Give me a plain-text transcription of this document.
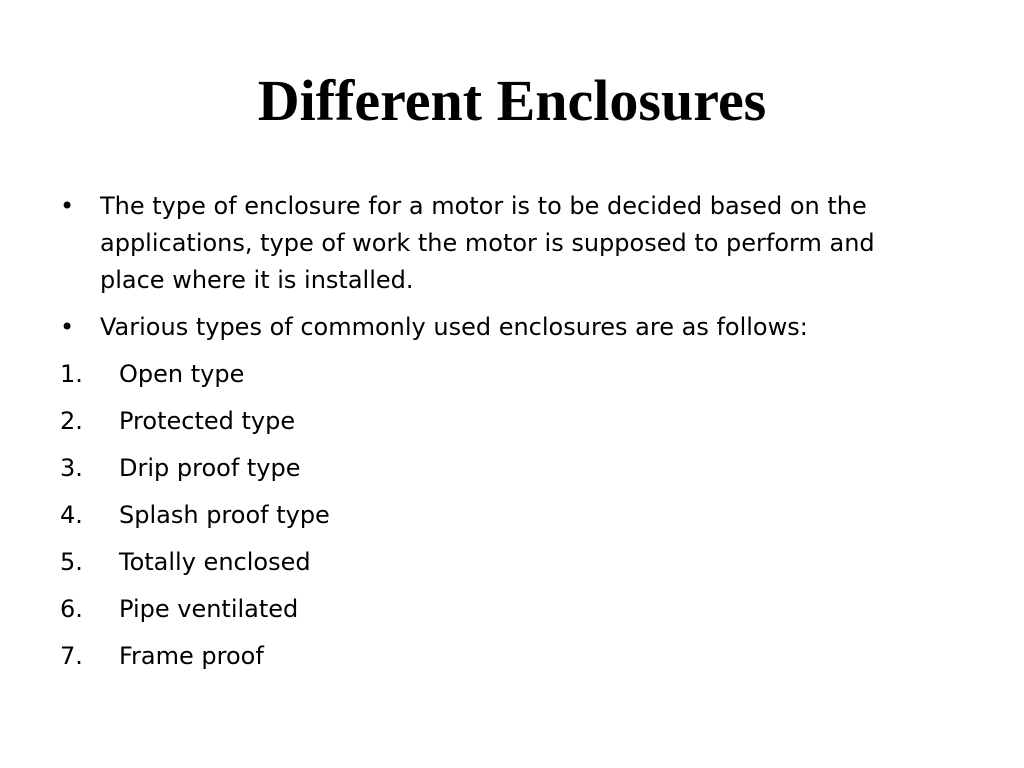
Different Enclosures
• The type of enclosure for a motor is to be decided based on the applications, type of work the motor is supposed to perform and place where it is installed.
• Various types of commonly used enclosures are as follows:
1.	Open type
2.	Protected type
3.	Drip proof type
4.	Splash proof type
5.	Totally enclosed
6.	Pipe ventilated
7.	Frame proof
